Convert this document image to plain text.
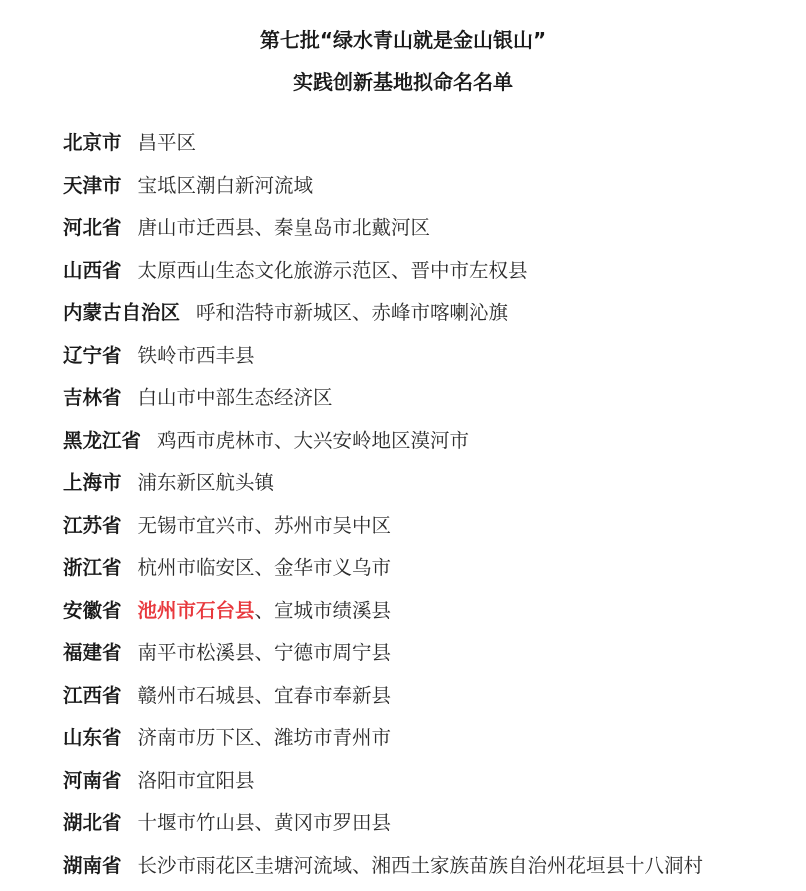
第七批“绿水青山就是金山银山”
实践创新基地拟命名名单
北京市 昌平区
天津市 宝坻区潮白新河流域
河北省 唐山市迁西县、秦皇岛市北戴河区
山西省 太原西山生态文化旅游示范区、晋中市左权县
内蒙古自治区 呼和浩特市新城区、赤峰市喀喇沁旗
辽宁省 铁岭市西丰县
吉林省 白山市中部生态经济区
黑龙江省 鸡西市虎林市、大兴安岭地区漠河市
上海市 浦东新区航头镇
江苏省 无锡市宜兴市、苏州市吴中区
浙江省 杭州市临安区、金华市义乌市
安徽省 池州市石台县、宣城市绩溪县
福建省 南平市松溪县、宁德市周宁县
江西省 赣州市石城县、宜春市奉新县
山东省 济南市历下区、潍坊市青州市
河南省 洛阳市宜阳县
湖北省 十堰市竹山县、黄冈市罗田县
湖南省 长沙市雨花区圭塘河流域、湘西土家族苗族自治州花垣县十八洞村
